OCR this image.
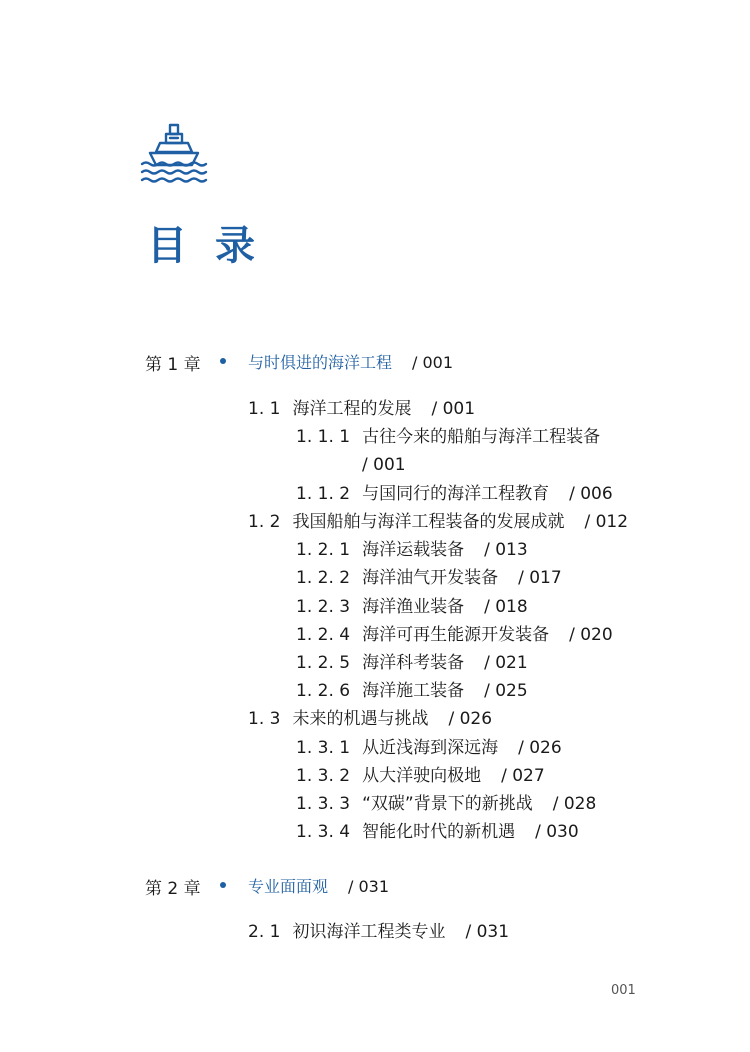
目录
第 1 章	与时俱进的海洋工程 / 001
1. 1 海洋工程的发展 / 001
1. 1. 1 古往今来的船舶与海洋工程装备
/ 001
1. 1. 2 与国同行的海洋工程教育 / 006
1. 2 我国船舶与海洋工程装备的发展成就 / 012
1. 2. 1 海洋运载装备 / 013
1. 2. 2 海洋油气开发装备 / 017
1. 2. 3 海洋渔业装备 / 018
1. 2. 4 海洋可再生能源开发装备 / 020
1. 2. 5 海洋科考装备 / 021
1. 2. 6 海洋施工装备 / 025
1. 3 未来的机遇与挑战 / 026
1. 3. 1 从近浅海到深远海 / 026
1. 3. 2 从大洋驶向极地 / 027
1. 3. 3 “双碳”背景下的新挑战 / 028
1. 3. 4 智能化时代的新机遇 / 030
第 2 章	专业面面观 / 031
2. 1 初识海洋工程类专业 / 031
001
